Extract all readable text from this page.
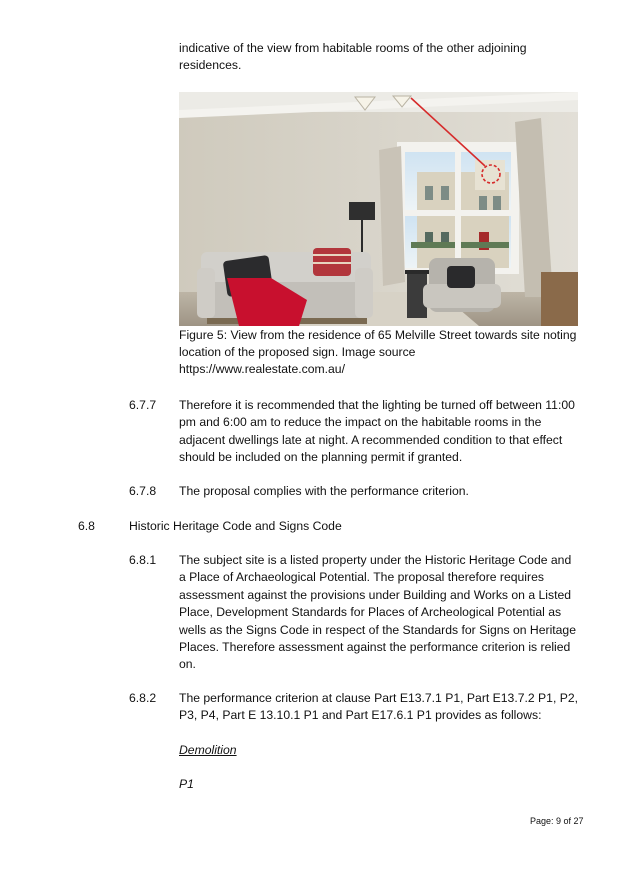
indicative of the view from habitable rooms of the other adjoining residences.

Figure 5: View from the residence of 65 Melville Street towards site noting

location of the proposed sign. Image source

https://www.realestate.com.au/

6.7.7 Therefore it is recommended that the lighting be turned off between 11:00 pm and 6:00 am to reduce the impact on the habitable rooms in the adjacent dwellings late at night. A recommended condition to that effect should be included on the planning permit if granted.

6.7.8 The proposal complies with the performance criterion.

6.8	Historic Heritage Code and Signs Code

6.8.1 The subject site is a listed property under the Historic Heritage Code and a Place of Archaeological Potential. The proposal therefore requires assessment against the provisions under Building and Works on a Listed Place, Development Standards for Places of Archeological Potential as wells as the Signs Code in respect of the Standards for Signs on Heritage Places. Therefore assessment against the performance criterion is relied on.

6.8.2 The performance criterion at clause Part E13.7.1 P1, Part E13.7.2 P1, P2, P3, P4, Part E 13.10.1 P1 and Part E17.6.1 P1 provides as follows:

Demolition

P1

Page: 9 of 27
